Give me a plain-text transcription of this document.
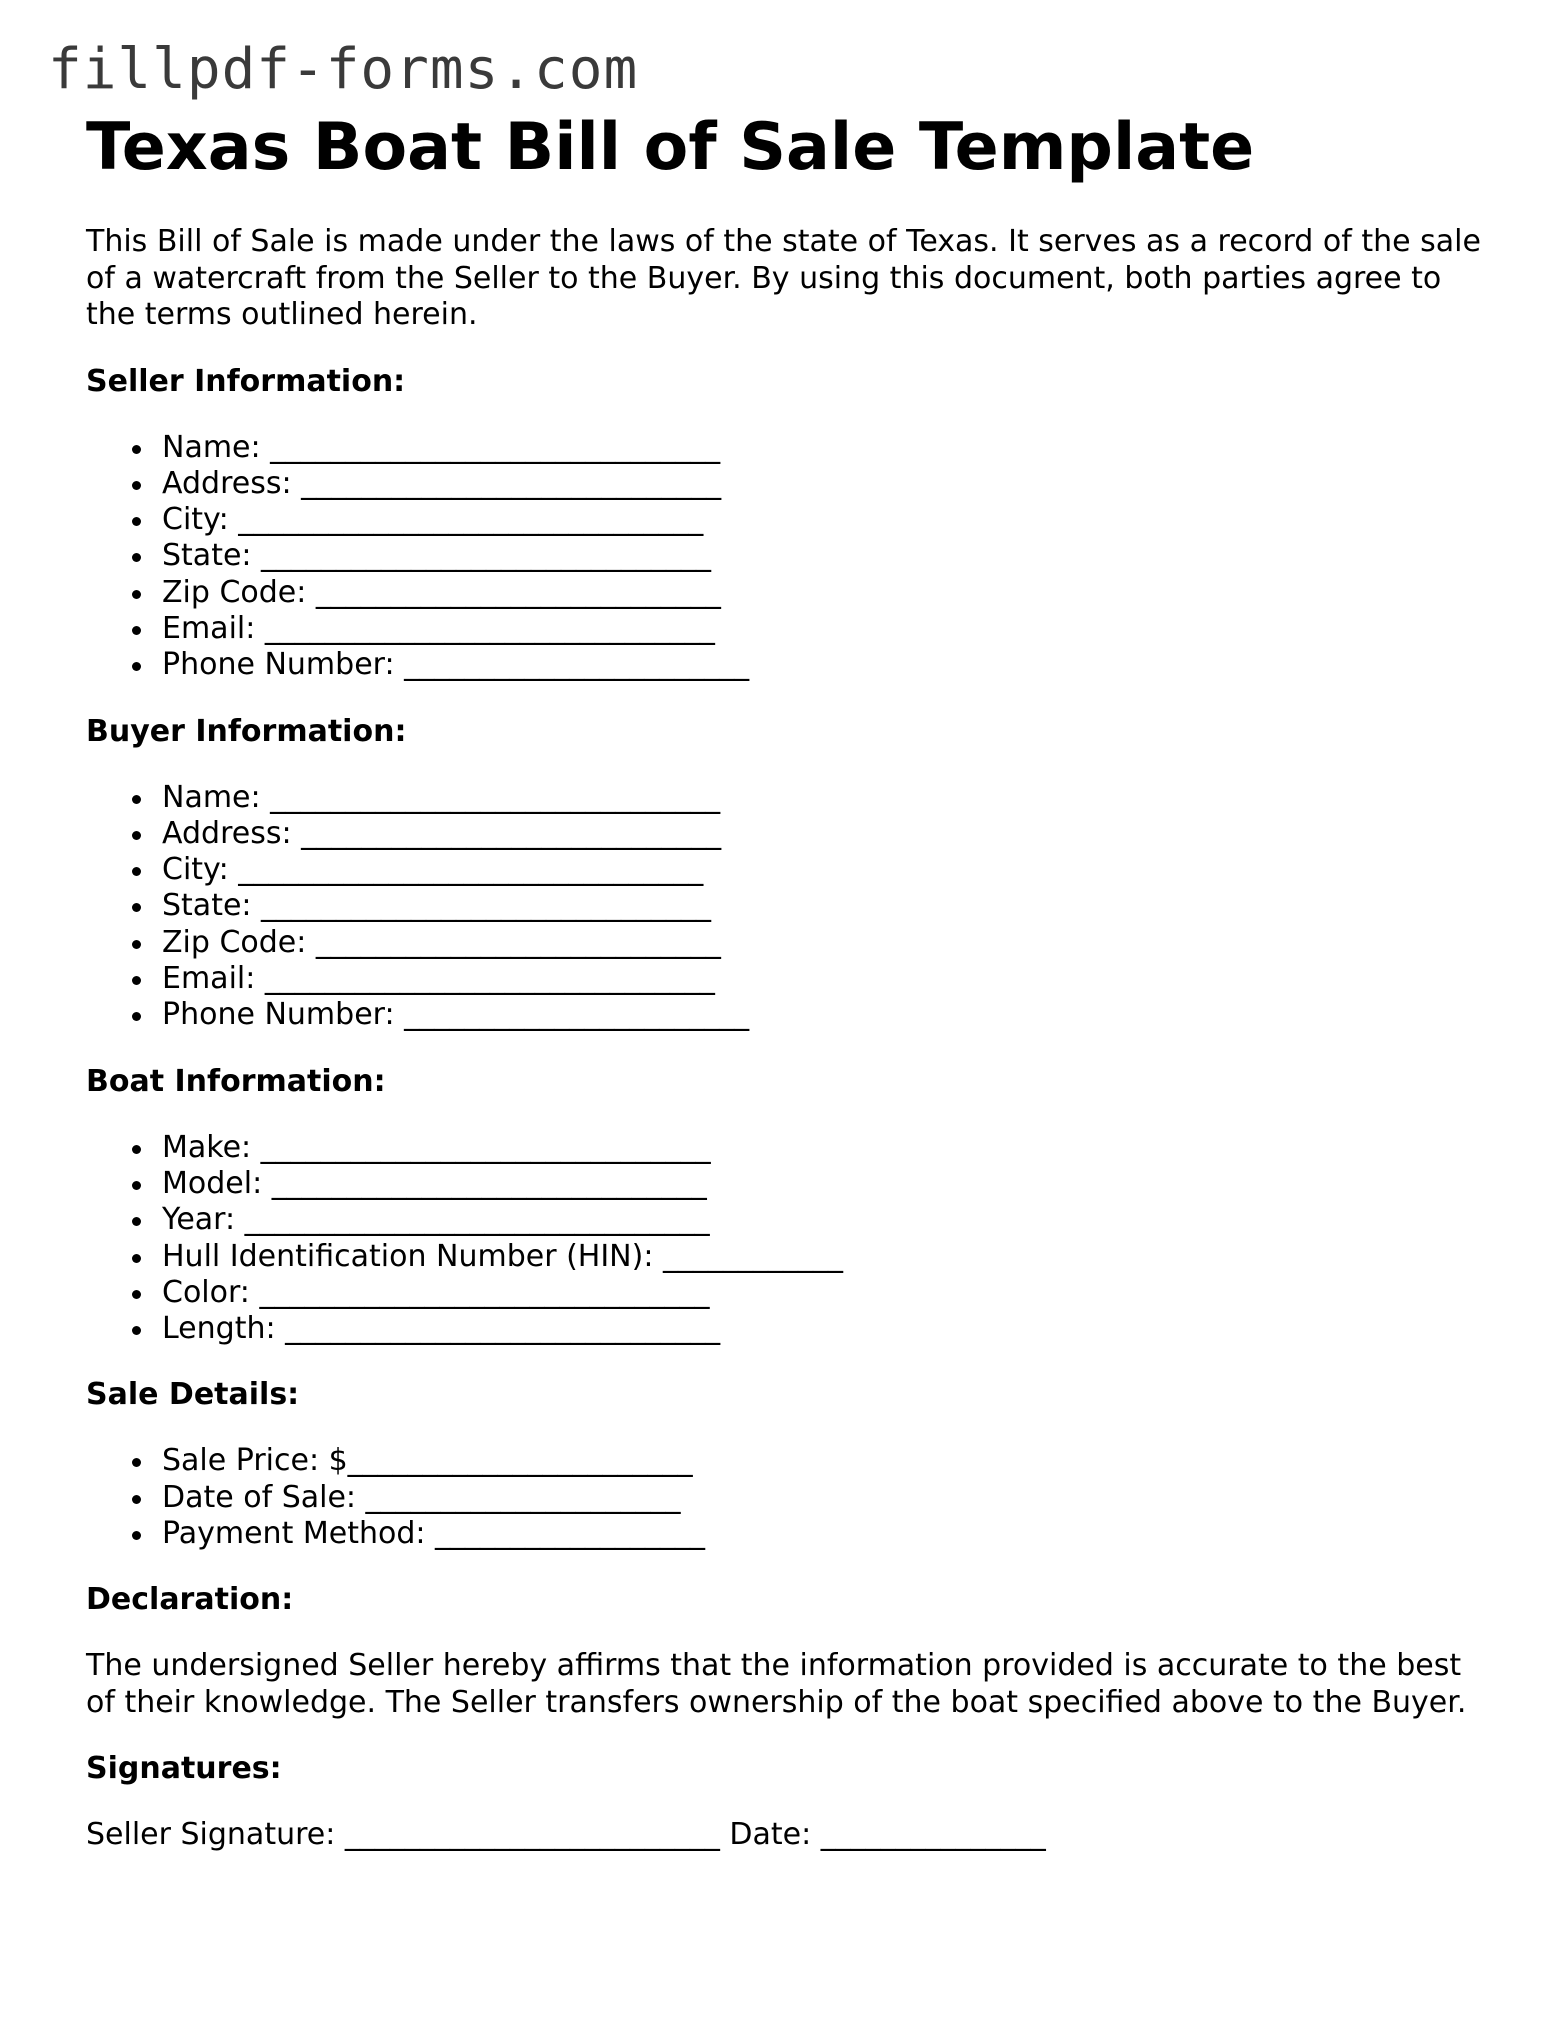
fillpdf-forms.com
Texas Boat Bill of Sale Template

This Bill of Sale is made under the laws of the state of Texas. It serves as a record of the sale of a watercraft from the Seller to the Buyer. By using this document, both parties agree to the terms outlined herein.

Seller Information:

Name: ______________________________
Address: ____________________________
City: _______________________________
State: ______________________________
Zip Code: ___________________________
Email: ______________________________
Phone Number: _______________________

Buyer Information:

Name: ______________________________
Address: ____________________________
City: _______________________________
State: ______________________________
Zip Code: ___________________________
Email: ______________________________
Phone Number: _______________________

Boat Information:

Make: ______________________________
Model: _____________________________
Year: _______________________________
Hull Identification Number (HIN): ____________
Color: ______________________________
Length: _____________________________

Sale Details:

Sale Price: $_______________________
Date of Sale: _____________________
Payment Method: __________________

Declaration:

The undersigned Seller hereby affirms that the information provided is accurate to the best of their knowledge. The Seller transfers ownership of the boat specified above to the Buyer.

Signatures:

Seller Signature: _________________________ Date: _______________
